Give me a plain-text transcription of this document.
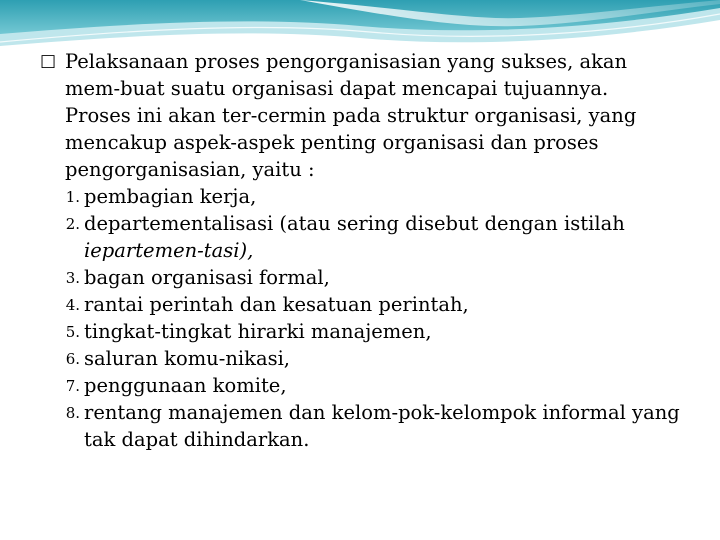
□ Pelaksanaan proses pengorganisasian yang sukses, akan mem-buat suatu organisasi dapat mencapai tujuannya. Proses ini akan ter-cermin pada struktur organisasi, yang mencakup aspek-aspek penting organisasi dan proses pengorganisasian, yaitu :

1. pembagian kerja,
2. departementalisasi (atau sering disebut dengan istilah iepartemen-tasi),
3. bagan organisasi formal,
4. rantai perintah dan kesatuan perintah,
5. tingkat-tingkat hirarki manajemen,
6. saluran komu-nikasi,
7. penggunaan komite,
8. rentang manajemen dan kelom-pok-kelompok informal yang tak dapat dihindarkan.
